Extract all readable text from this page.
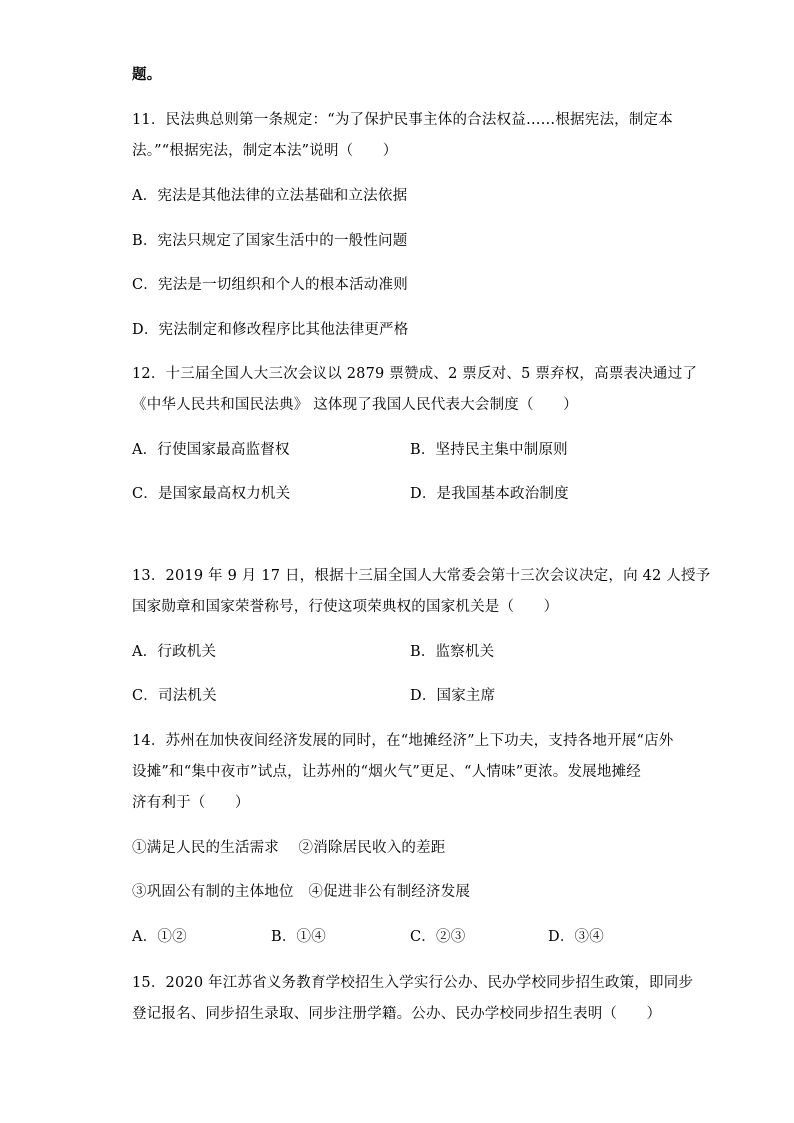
题。
11．民法典总则第一条规定：“为了保护民事主体的合法权益……根据宪法，制定本
法。”“根据宪法，制定本法”说明（　　）
A．宪法是其他法律的立法基础和立法依据
B．宪法只规定了国家生活中的一般性问题
C．宪法是一切组织和个人的根本活动准则
D．宪法制定和修改程序比其他法律更严格
12．十三届全国人大三次会议以 2879 票赞成、2 票反对、5 票弃权，高票表决通过了
《中华人民共和国民法典》 这体现了我国人民代表大会制度（　　）
A．行使国家最高监督权	B．坚持民主集中制原则
C．是国家最高权力机关	D．是我国基本政治制度
13．2019 年 9 月 17 日，根据十三届全国人大常委会第十三次会议决定，向 42 人授予
国家勋章和国家荣誉称号，行使这项荣典权的国家机关是（　　）
A．行政机关	B．监察机关
C．司法机关	D．国家主席
14．苏州在加快夜间经济发展的同时，在“地摊经济”上下功夫，支持各地开展“店外
设摊”和“集中夜市”试点，让苏州的“烟火气”更足、“人情味”更浓。发展地摊经
济有利于（　　）
①满足人民的生活需求　 ②消除居民收入的差距
③巩固公有制的主体地位　④促进非公有制经济发展
A．①②	B．①④	C．②③	D．③④
15．2020 年江苏省义务教育学校招生入学实行公办、民办学校同步招生政策，即同步
登记报名、同步招生录取、同步注册学籍。公办、民办学校同步招生表明（　　）
